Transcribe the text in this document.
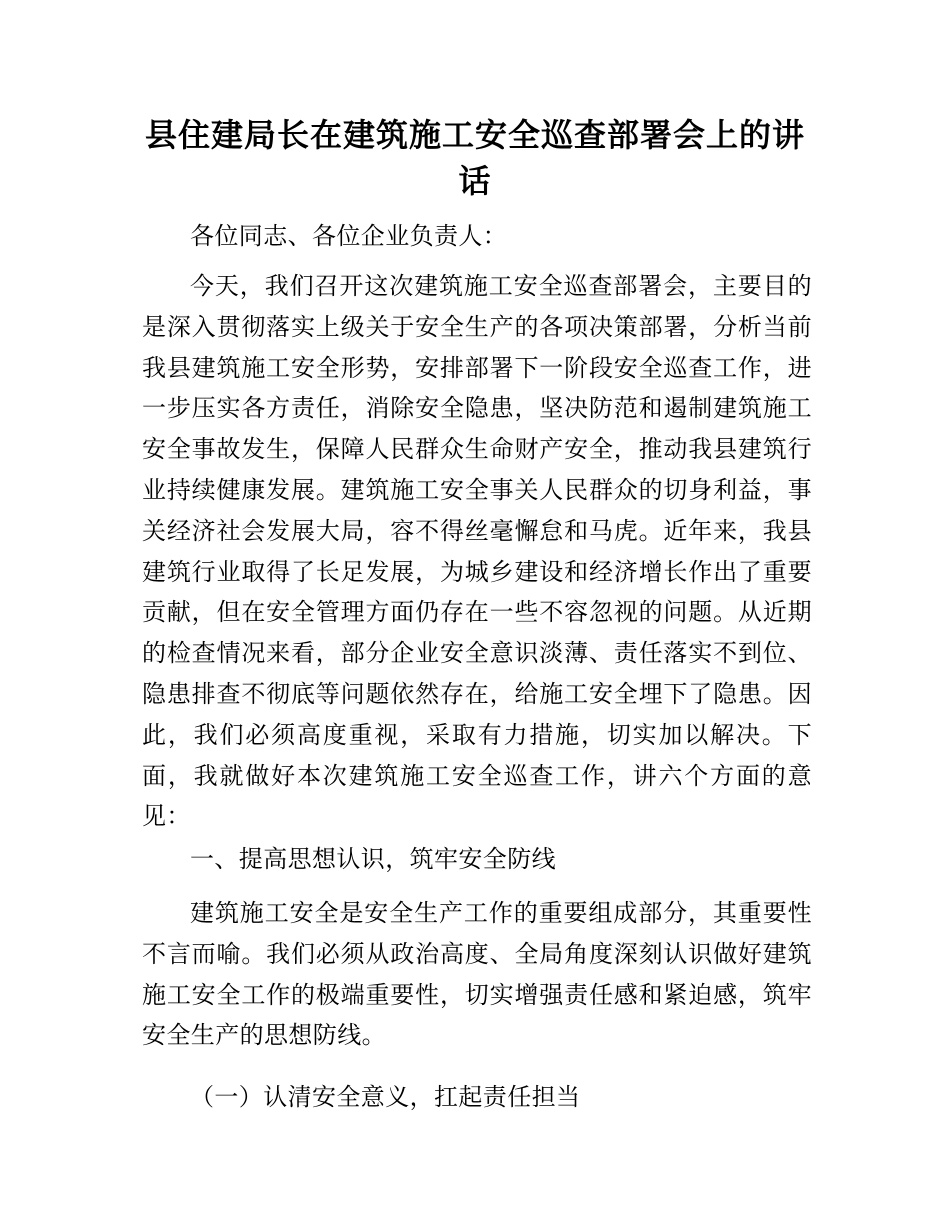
县住建局长在建筑施工安全巡查部署会上的讲话

各位同志、各位企业负责人：

今天，我们召开这次建筑施工安全巡查部署会，主要目的是深入贯彻落实上级关于安全生产的各项决策部署，分析当前我县建筑施工安全形势，安排部署下一阶段安全巡查工作，进一步压实各方责任，消除安全隐患，坚决防范和遏制建筑施工安全事故发生，保障人民群众生命财产安全，推动我县建筑行业持续健康发展。建筑施工安全事关人民群众的切身利益，事关经济社会发展大局，容不得丝毫懈怠和马虎。近年来，我县建筑行业取得了长足发展，为城乡建设和经济增长作出了重要贡献，但在安全管理方面仍存在一些不容忽视的问题。从近期的检查情况来看，部分企业安全意识淡薄、责任落实不到位、隐患排查不彻底等问题依然存在，给施工安全埋下了隐患。因此，我们必须高度重视，采取有力措施，切实加以解决。下面，我就做好本次建筑施工安全巡查工作，讲六个方面的意见：

一、提高思想认识，筑牢安全防线

建筑施工安全是安全生产工作的重要组成部分，其重要性不言而喻。我们必须从政治高度、全局角度深刻认识做好建筑施工安全工作的极端重要性，切实增强责任感和紧迫感，筑牢安全生产的思想防线。

（一）认清安全意义，扛起责任担当
